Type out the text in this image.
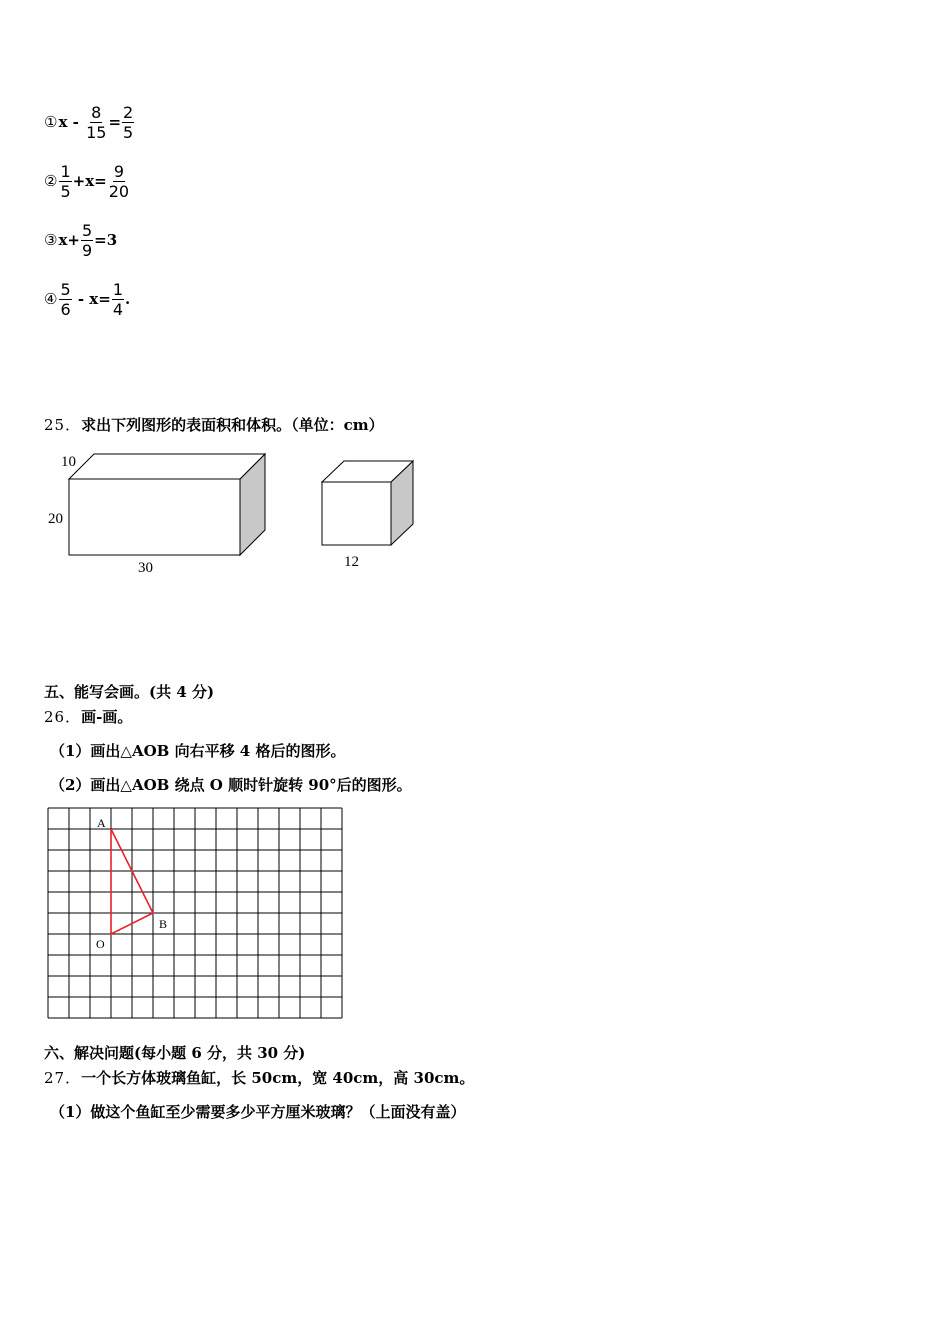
① $x - \frac{8}{15} = \frac{2}{5}$
② $\frac{1}{5} +x= \frac{9}{20}$
③ $x+ \frac{5}{9} =3$
④ $\frac{5}{6} - x= \frac{1}{4}$ .
25．求出下列图形的表面积和体积。（单位：cm）
10
20
30	12
五、能写会画。(共 4 分)
26．画-画。
（1）画出△AOB 向右平移 4 格后的图形。
（2）画出△AOB 绕点 O 顺时针旋转 90°后的图形。
A
B
O
六、解决问题(每小题 6 分，共 30 分)
27．一个长方体玻璃鱼缸，长 50cm，宽 40cm，高 30cm。
（1）做这个鱼缸至少需要多少平方厘米玻璃？（上面没有盖）
